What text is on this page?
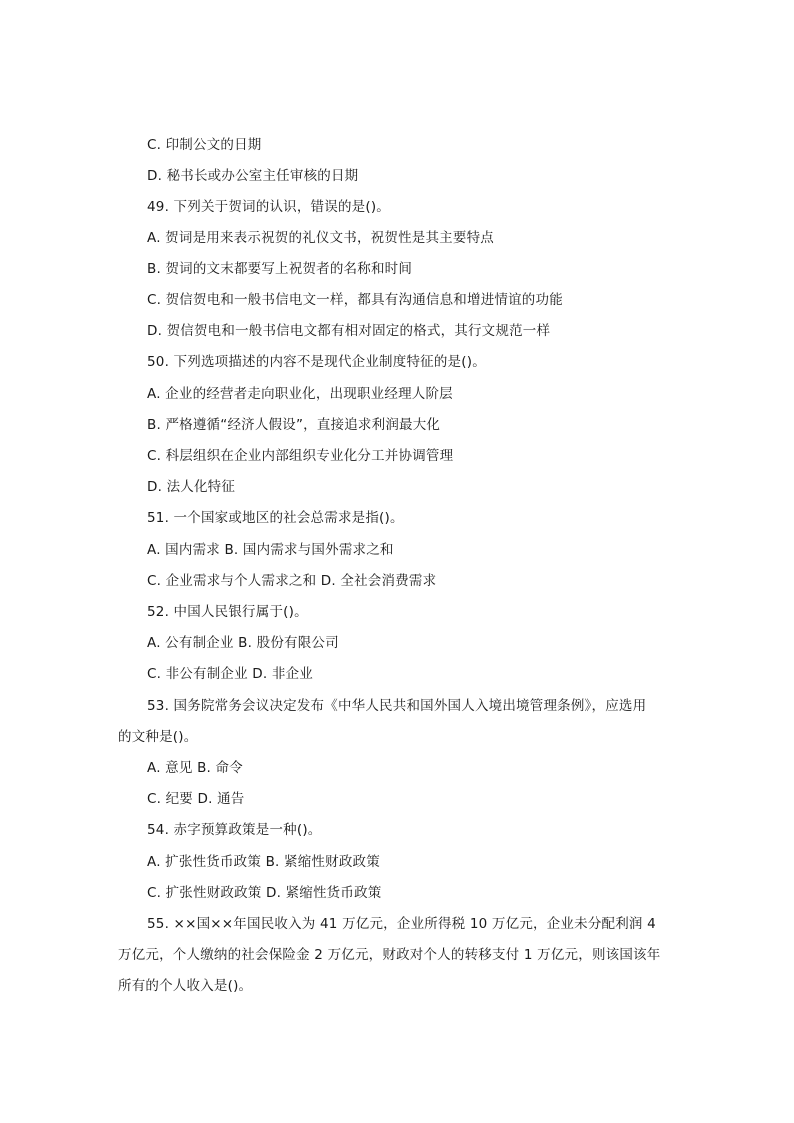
C. 印制公文的日期
D. 秘书长或办公室主任审核的日期
49. 下列关于贺词的认识，错误的是()。
A. 贺词是用来表示祝贺的礼仪文书，祝贺性是其主要特点
B. 贺词的文末都要写上祝贺者的名称和时间
C. 贺信贺电和一般书信电文一样，都具有沟通信息和增进情谊的功能
D. 贺信贺电和一般书信电文都有相对固定的格式，其行文规范一样
50. 下列选项描述的内容不是现代企业制度特征的是()。
A. 企业的经营者走向职业化，出现职业经理人阶层
B. 严格遵循“经济人假设”，直接追求利润最大化
C. 科层组织在企业内部组织专业化分工并协调管理
D. 法人化特征
51. 一个国家或地区的社会总需求是指()。
A. 国内需求 B. 国内需求与国外需求之和
C. 企业需求与个人需求之和 D. 全社会消费需求
52. 中国人民银行属于()。
A. 公有制企业 B. 股份有限公司
C. 非公有制企业 D. 非企业
53. 国务院常务会议决定发布《中华人民共和国外国人入境出境管理条例》，应选用
的文种是()。
A. 意见 B. 命令
C. 纪要 D. 通告
54. 赤字预算政策是一种()。
A. 扩张性货币政策 B. 紧缩性财政政策
C. 扩张性财政政策 D. 紧缩性货币政策
55. ××国××年国民收入为 41 万亿元，企业所得税 10 万亿元，企业未分配利润 4
万亿元，个人缴纳的社会保险金 2 万亿元，财政对个人的转移支付 1 万亿元，则该国该年
所有的个人收入是()。
